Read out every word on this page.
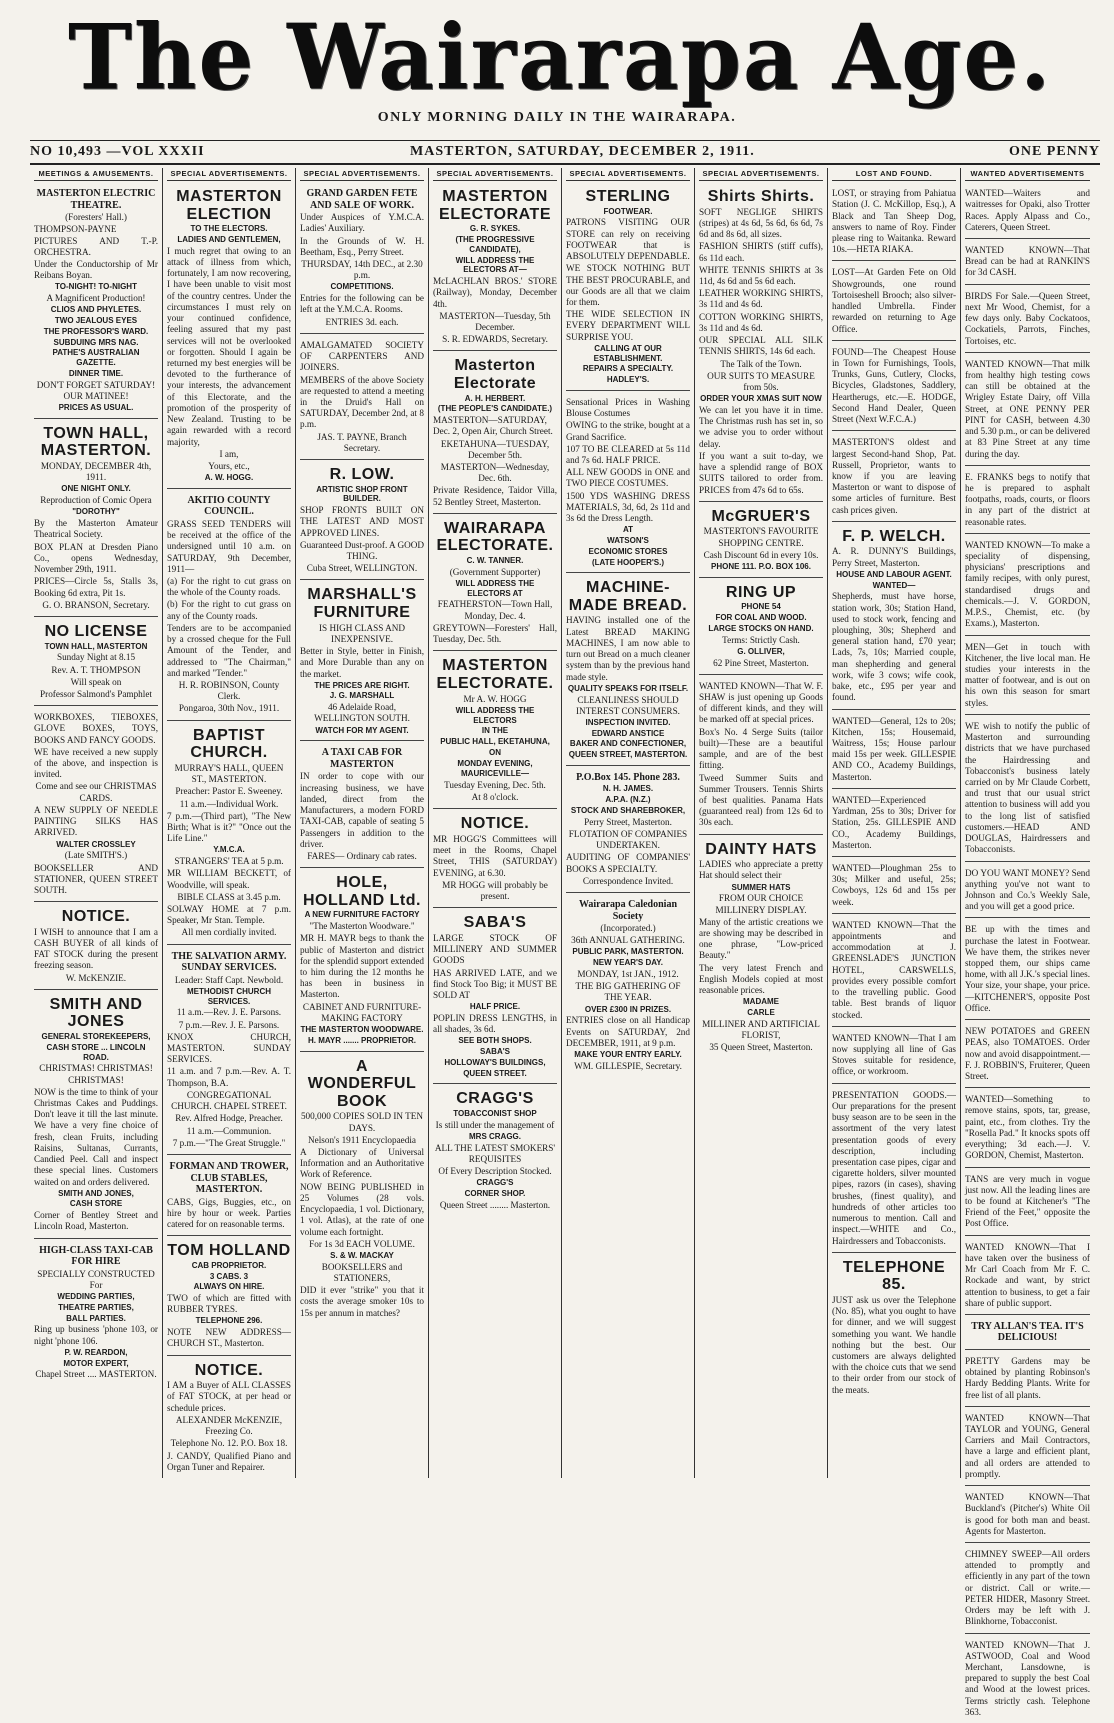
The Wairarapa Age.
ONLY MORNING DAILY IN THE WAIRARAPA.
NO 10,493 —VOL XXXII	MASTERTON, SATURDAY, DECEMBER 2, 1911.	ONE PENNY
MEETINGS & AMUSEMENTS.

MASTERTON ELECTRIC THEATRE.

(Foresters' Hall.)

THOMPSON-PAYNE PICTURES AND T.-P. ORCHESTRA.

Under the Conductorship of Mr Reibans Boyan.

TO-NIGHT! TO-NIGHT

A Magnificent Production!

CLIOS AND PHYLETES.

TWO JEALOUS EYES

THE PROFESSOR'S WARD.

SUBDUING MRS NAG.

PATHE'S AUSTRALIAN GAZETTE.

DINNER TIME.

DON'T FORGET SATURDAY! OUR MATINEE!

PRICES AS USUAL.

TOWN HALL, MASTERTON.

MONDAY, DECEMBER 4th, 1911.

ONE NIGHT ONLY.

Reproduction of Comic Opera

"DOROTHY"

By the Masterton Amateur Theatrical Society.

BOX PLAN at Dresden Piano Co., opens Wednesday, November 29th, 1911.

PRICES—Circle 5s, Stalls 3s, Booking 6d extra, Pit 1s.

G. O. BRANSON, Secretary.

NO LICENSE

TOWN HALL, MASTERTON

Sunday Night at 8.15

Rev. A. T. THOMPSON

Will speak on

Professor Salmond's Pamphlet

WORKBOXES, TIEBOXES, GLOVE BOXES, TOYS, BOOKS AND FANCY GOODS.

WE have received a new supply of the above, and inspection is invited.

Come and see our CHRISTMAS CARDS.

A NEW SUPPLY OF NEEDLE PAINTING SILKS HAS ARRIVED.

WALTER CROSSLEY

(Late SMITH'S.)

BOOKSELLER AND STATIONER, QUEEN STREET SOUTH.

NOTICE.

I WISH to announce that I am a CASH BUYER of all kinds of FAT STOCK during the present freezing season.

W. McKENZIE.

SMITH AND JONES

GENERAL STOREKEEPERS,

CASH STORE ... LINCOLN ROAD.

CHRISTMAS! CHRISTMAS! CHRISTMAS!

NOW is the time to think of your Christmas Cakes and Puddings. Don't leave it till the last minute. We have a very fine choice of fresh, clean Fruits, including Raisins, Sultanas, Currants, Candied Peel. Call and inspect these special lines. Customers waited on and orders delivered.

SMITH AND JONES,

CASH STORE

Corner of Bentley Street and Lincoln Road, Masterton.

HIGH-CLASS TAXI-CAB FOR HIRE

SPECIALLY CONSTRUCTED For

WEDDING PARTIES,

THEATRE PARTIES,

BALL PARTIES.

Ring up business 'phone 103, or night 'phone 106.

P. W. REARDON,

MOTOR EXPERT,

Chapel Street .... MASTERTON.

SPECIAL ADVERTISEMENTS.

MASTERTON ELECTION

TO THE ELECTORS.

LADIES AND GENTLEMEN,

I much regret that owing to an attack of illness from which, fortunately, I am now recovering, I have been unable to visit most of the country centres. Under the circumstances I must rely on your continued confidence, feeling assured that my past services will not be overlooked or forgotten. Should I again be returned my best energies will be devoted to the furtherance of your interests, the advancement of this Electorate, and the promotion of the prosperity of New Zealand. Trusting to be again rewarded with a record majority,

I am,

Yours, etc.,

A. W. HOGG.

AKITIO COUNTY COUNCIL.

GRASS SEED TENDERS will be received at the office of the undersigned until 10 a.m. on SATURDAY, 9th December, 1911—

(a) For the right to cut grass on the whole of the County roads.

(b) For the right to cut grass on any of the County roads.

Tenders are to be accompanied by a crossed cheque for the Full Amount of the Tender, and addressed to "The Chairman," and marked "Tender."

H. R. ROBINSON, County Clerk.

Pongaroa, 30th Nov., 1911.

BAPTIST CHURCH.

MURRAY'S HALL, QUEEN ST., MASTERTON.

Preacher: Pastor E. Sweeney.

11 a.m.—Individual Work.

7 p.m.—(Third part), "The New Birth; What is it?" "Once out the Life Line."

Y.M.C.A.

STRANGERS' TEA at 5 p.m.

MR WILLIAM BECKETT, of Woodville, will speak.

BIBLE CLASS at 3.45 p.m.

SOLWAY HOME at 7 p.m. Speaker, Mr Stan. Temple.

All men cordially invited.

THE SALVATION ARMY. SUNDAY SERVICES.

Leader: Staff Capt. Newbold.

METHODIST CHURCH SERVICES.

11 a.m.—Rev. J. E. Parsons.

7 p.m.—Rev. J. E. Parsons.

KNOX CHURCH, MASTERTON. SUNDAY SERVICES.

11 a.m. and 7 p.m.—Rev. A. T. Thompson, B.A.

CONGREGATIONAL CHURCH. CHAPEL STREET.

Rev. Alfred Hodge, Preacher.

11 a.m.—Communion.

7 p.m.—"The Great Struggle."

FORMAN AND TROWER, CLUB STABLES, MASTERTON.

CABS, Gigs, Buggies, etc., on hire by hour or week. Parties catered for on reasonable terms.

TOM HOLLAND

CAB PROPRIETOR.

3 CABS. 3

ALWAYS ON HIRE.

TWO of which are fitted with RUBBER TYRES.

TELEPHONE 296.

NOTE NEW ADDRESS— CHURCH ST., Masterton.

NOTICE.

I AM a Buyer of ALL CLASSES of FAT STOCK, at per head or schedule prices.

ALEXANDER McKENZIE, Freezing Co.

Telephone No. 12. P.O. Box 18.

J. CANDY, Qualified Piano and Organ Tuner and Repairer.

SPECIAL ADVERTISEMENTS.

GRAND GARDEN FETE AND SALE OF WORK.

Under Auspices of Y.M.C.A. Ladies' Auxiliary.

In the Grounds of W. H. Beetham, Esq., Perry Street.

THURSDAY, 14th DEC., at 2.30 p.m.

COMPETITIONS.

Entries for the following can be left at the Y.M.C.A. Rooms.

ENTRIES 3d. each.

AMALGAMATED SOCIETY OF CARPENTERS AND JOINERS.

MEMBERS of the above Society are requested to attend a meeting in the Druid's Hall on SATURDAY, December 2nd, at 8 p.m.

JAS. T. PAYNE, Branch Secretary.

R. LOW.

ARTISTIC SHOP FRONT BUILDER.

SHOP FRONTS BUILT ON THE LATEST AND MOST APPROVED LINES.

Guaranteed Dust-proof. A GOOD THING.

Cuba Street, WELLINGTON.

MARSHALL'S FURNITURE

IS HIGH CLASS AND INEXPENSIVE.

Better in Style, better in Finish, and More Durable than any on the market.

THE PRICES ARE RIGHT.

J. G. MARSHALL

46 Adelaide Road, WELLINGTON SOUTH.

WATCH FOR MY AGENT.

A TAXI CAB FOR MASTERTON

IN order to cope with our increasing business, we have landed, direct from the Manufacturers, a modern FORD TAXI-CAB, capable of seating 5 Passengers in addition to the driver.

FARES— Ordinary cab rates.

HOLE, HOLLAND Ltd.

A NEW FURNITURE FACTORY

"The Masterton Woodware."

MR H. MAYR begs to thank the public of Masterton and district for the splendid support extended to him during the 12 months he has been in business in Masterton.

CABINET AND FURNITURE-MAKING FACTORY

THE MASTERTON WOODWARE.

H. MAYR ....... PROPRIETOR.

A WONDERFUL BOOK

500,000 COPIES SOLD IN TEN DAYS.

Nelson's 1911 Encyclopaedia

A Dictionary of Universal Information and an Authoritative Work of Reference.

NOW BEING PUBLISHED in 25 Volumes (28 vols. Encyclopaedia, 1 vol. Dictionary, 1 vol. Atlas), at the rate of one volume each fortnight.

For 1s 3d EACH VOLUME.

S. & W. MACKAY

BOOKSELLERS and STATIONERS,

DID it ever "strike" you that it costs the average smoker 10s to 15s per annum in matches?

SPECIAL ADVERTISEMENTS.

MASTERTON ELECTORATE

G. R. SYKES.

(THE PROGRESSIVE CANDIDATE),

WILL ADDRESS THE ELECTORS AT—

McLACHLAN BROS.' STORE (Railway), Monday, December 4th.

MASTERTON—Tuesday, 5th December.

S. R. EDWARDS, Secretary.

Masterton Electorate

A. H. HERBERT.

(THE PEOPLE'S CANDIDATE.)

MASTERTON—SATURDAY, Dec. 2, Open Air, Church Street.

EKETAHUNA—TUESDAY, December 5th.

MASTERTON—Wednesday, Dec. 6th.

Private Residence, Taidor Villa, 52 Bentley Street, Masterton.

WAIRARAPA ELECTORATE.

C. W. TANNER.

(Government Supporter)

WILL ADDRESS THE ELECTORS AT

FEATHERSTON—Town Hall, Monday, Dec. 4.

GREYTOWN—Foresters' Hall, Tuesday, Dec. 5th.

MASTERTON ELECTORATE.

Mr A. W. HOGG

WILL ADDRESS THE ELECTORS

IN THE

PUBLIC HALL, EKETAHUNA,

ON

MONDAY EVENING,

MAURICEVILLE—

Tuesday Evening, Dec. 5th.

At 8 o'clock.

NOTICE.

MR HOGG'S Committees will meet in the Rooms, Chapel Street, THIS (SATURDAY) EVENING, at 6.30.

MR HOGG will probably be present.

SABA'S

LARGE STOCK OF MILLINERY AND SUMMER GOODS

HAS ARRIVED LATE, and we find Stock Too Big; it MUST BE SOLD AT

HALF PRICE.

POPLIN DRESS LENGTHS, in all shades, 3s 6d.

SEE BOTH SHOPS.

SABA'S

HOLLOWAY'S BUILDINGS,

QUEEN STREET.

CRAGG'S

TOBACCONIST SHOP

Is still under the management of

MRS CRAGG.

ALL THE LATEST SMOKERS' REQUISITES

Of Every Description Stocked.

CRAGG'S

CORNER SHOP.

Queen Street ........ Masterton.

SPECIAL ADVERTISEMENTS.

STERLING

FOOTWEAR.

PATRONS VISITING OUR STORE can rely on receiving FOOTWEAR that is ABSOLUTELY DEPENDABLE.

WE STOCK NOTHING BUT THE BEST PROCURABLE, and our Goods are all that we claim for them.

THE WIDE SELECTION IN EVERY DEPARTMENT WILL SURPRISE YOU.

CALLING AT OUR ESTABLISHMENT.

REPAIRS A SPECIALTY.

HADLEY'S.

Sensational Prices in Washing Blouse Costumes

OWING to the strike, bought at a Grand Sacrifice.

107 TO BE CLEARED at 5s 11d and 7s 6d. HALF PRICE.

ALL NEW GOODS in ONE and TWO PIECE COSTUMES.

1500 YDS WASHING DRESS MATERIALS, 3d, 6d, 2s 11d and 3s 6d the Dress Length.

AT

WATSON'S

ECONOMIC STORES

(LATE HOOPER'S.)

MACHINE-MADE BREAD.

HAVING installed one of the Latest BREAD MAKING MACHINES, I am now able to turn out Bread on a much cleaner system than by the previous hand made style.

QUALITY SPEAKS FOR ITSELF.

CLEANLINESS SHOULD INTEREST CONSUMERS.

INSPECTION INVITED.

EDWARD ANSTICE

BAKER AND CONFECTIONER,

QUEEN STREET, MASTERTON.

P.O.Box 145. Phone 283.

N. H. JAMES.

A.P.A. (N.Z.)

STOCK AND SHAREBROKER,

Perry Street, Masterton.

FLOTATION OF COMPANIES UNDERTAKEN.

AUDITING OF COMPANIES' BOOKS A SPECIALTY.

Correspondence Invited.

Wairarapa Caledonian Society

(Incorporated.)

36th ANNUAL GATHERING.

PUBLIC PARK, MASTERTON.

NEW YEAR'S DAY.

MONDAY, 1st JAN., 1912.

THE BIG GATHERING OF THE YEAR.

OVER £300 IN PRIZES.

ENTRIES close on all Handicap Events on SATURDAY, 2nd DECEMBER, 1911, at 9 p.m.

MAKE YOUR ENTRY EARLY.

WM. GILLESPIE, Secretary.

SPECIAL ADVERTISEMENTS.

Shirts Shirts.

SOFT NEGLIGE SHIRTS (stripes) at 4s 6d, 5s 6d, 6s 6d, 7s 6d and 8s 6d, all sizes.

FASHION SHIRTS (stiff cuffs), 6s 11d each.

WHITE TENNIS SHIRTS at 3s 11d, 4s 6d and 5s 6d each.

LEATHER WORKING SHIRTS, 3s 11d and 4s 6d.

COTTON WORKING SHIRTS, 3s 11d and 4s 6d.

OUR SPECIAL ALL SILK TENNIS SHIRTS, 14s 6d each.

The Talk of the Town.

OUR SUITS TO MEASURE from 50s.

ORDER YOUR XMAS SUIT NOW

We can let you have it in time. The Christmas rush has set in, so we advise you to order without delay.

If you want a suit to-day, we have a splendid range of BOX SUITS tailored to order from. PRICES from 47s 6d to 65s.

McGRUER'S

MASTERTON'S FAVOURITE SHOPPING CENTRE.

Cash Discount 6d in every 10s.

PHONE 111. P.O. BOX 106.

RING UP

PHONE 54

FOR COAL AND WOOD.

LARGE STOCKS ON HAND.

Terms: Strictly Cash.

G. OLLIVER,

62 Pine Street, Masterton.

WANTED KNOWN—That W. F. SHAW is just opening up Goods of different kinds, and they will be marked off at special prices.

Box's No. 4 Serge Suits (tailor built)—These are a beautiful sample, and are of the best fitting.

Tweed Summer Suits and Summer Trousers. Tennis Shirts of best qualities. Panama Hats (guaranteed real) from 12s 6d to 30s each.

DAINTY HATS

LADIES who appreciate a pretty Hat should select their

SUMMER HATS

FROM OUR CHOICE MILLINERY DISPLAY.

Many of the artistic creations we are showing may be described in one phrase, "Low-priced Beauty."

The very latest French and English Models copied at most reasonable prices.

MADAME

CARLE

MILLINER AND ARTIFICIAL FLORIST,

35 Queen Street, Masterton.

LOST AND FOUND.

LOST, or straying from Pahiatua Station (J. C. McKillop, Esq.), A Black and Tan Sheep Dog, answers to name of Roy. Finder please ring to Waitanka. Reward 10s.—HETA RIAKA.

LOST—At Garden Fete on Old Showgrounds, one round Tortoiseshell Brooch; also silver-handled Umbrella. Finder rewarded on returning to Age Office.

FOUND—The Cheapest House in Town for Furnishings, Tools, Trunks, Guns, Cutlery, Clocks, Bicycles, Gladstones, Saddlery, Heartherugs, etc.—E. HODGE, Second Hand Dealer, Queen Street (Next W.F.C.A.)

MASTERTON'S oldest and largest Second-hand Shop, Pat. Russell, Proprietor, wants to know if you are leaving Masterton or want to dispose of some articles of furniture. Best cash prices given.

F. P. WELCH.

A. R. DUNNY'S Buildings, Perry Street, Masterton.

HOUSE AND LABOUR AGENT.

WANTED—

Shepherds, must have horse, station work, 30s; Station Hand, used to stock work, fencing and ploughing, 30s; Shepherd and general station hand, £70 year; Lads, 7s, 10s; Married couple, man shepherding and general work, wife 3 cows; wife cook, bake, etc., £95 per year and found.

WANTED—General, 12s to 20s; Kitchen, 15s; Housemaid, Waitress, 15s; House parlour maid 15s per week. GILLESPIE AND CO., Academy Buildings, Masterton.

WANTED—Experienced Yardman, 25s to 30s; Driver for Station, 25s. GILLESPIE AND CO., Academy Buildings, Masterton.

WANTED—Ploughman 25s to 30s; Milker and useful, 25s; Cowboys, 12s 6d and 15s per week.

WANTED KNOWN—That the appointments and accommodation at J. GREENSLADE'S JUNCTION HOTEL, CARSWELLS, provides every possible comfort to the travelling public. Good table. Best brands of liquor stocked.

WANTED KNOWN—That I am now supplying all line of Gas Stoves suitable for residence, office, or workroom.

PRESENTATION GOODS.—Our preparations for the present busy season are to be seen in the assortment of the very latest presentation goods of every description, including presentation case pipes, cigar and cigarette holders, silver mounted pipes, razors (in cases), shaving brushes, (finest quality), and hundreds of other articles too numerous to mention. Call and inspect.—WHITE and Co., Hairdressers and Tobacconists.

TELEPHONE 85.

JUST ask us over the Telephone (No. 85), what you ought to have for dinner, and we will suggest something you want. We handle nothing but the best. Our customers are always delighted with the choice cuts that we send to their order from our stock of the meats.

WANTED ADVERTISEMENTS

WANTED—Waiters and waitresses for Opaki, also Trotter Races. Apply Alpass and Co., Caterers, Queen Street.

WANTED KNOWN—That Bread can be had at RANKIN'S for 3d CASH.

BIRDS For Sale.—Queen Street, next Mr Wood, Chemist, for a few days only. Baby Cockatoos, Cockatiels, Parrots, Finches, Tortoises, etc.

WANTED KNOWN—That milk from healthy high testing cows can still be obtained at the Wrigley Estate Dairy, off Villa Street, at ONE PENNY PER PINT for CASH, between 4.30 and 5.30 p.m., or can be delivered at 83 Pine Street at any time during the day.

E. FRANKS begs to notify that he is prepared to asphalt footpaths, roads, courts, or floors in any part of the district at reasonable rates.

WANTED KNOWN—To make a speciality of dispensing, physicians' prescriptions and family recipes, with only purest, standardised drugs and chemicals.—J. V. GORDON, M.P.S., Chemist, etc. (by Exams.), Masterton.

MEN—Get in touch with Kitchener, the live local man. He studies your interests in the matter of footwear, and is out on his own this season for smart styles.

WE wish to notify the public of Masterton and surrounding districts that we have purchased the Hairdressing and Tobacconist's business lately carried on by Mr Claude Corbett, and trust that our usual strict attention to business will add you to the long list of satisfied customers.—HEAD AND DOUGLAS, Hairdressers and Tobacconists.

DO YOU WANT MONEY? Send anything you've not want to Johnson and Co.'s Weekly Sale, and you will get a good price.

BE up with the times and purchase the latest in Footwear. We have them, the strikes never stopped them, our ships came home, with all J.K.'s special lines. Your size, your shape, your price.—KITCHENER'S, opposite Post Office.

NEW POTATOES and GREEN PEAS, also TOMATOES. Order now and avoid disappointment.—F. J. ROBBIN'S, Fruiterer, Queen Street.

WANTED—Something to remove stains, spots, tar, grease, paint, etc., from clothes. Try the "Rosella Pad." It knocks spots off everything; 3d each.—J. V. GORDON, Chemist, Masterton.

TANS are very much in vogue just now. All the leading lines are to be found at Kitchener's "The Friend of the Feet," opposite the Post Office.

WANTED KNOWN—That I have taken over the business of Mr Carl Coach from Mr F. C. Rockade and want, by strict attention to business, to get a fair share of public support.

TRY ALLAN'S TEA. IT'S DELICIOUS!

PRETTY Gardens may be obtained by planting Robinson's Hardy Bedding Plants. Write for free list of all plants.

WANTED KNOWN—That TAYLOR and YOUNG, General Carriers and Mail Contractors, have a large and efficient plant, and all orders are attended to promptly.

WANTED KNOWN—That Buckland's (Pitcher's) White Oil is good for both man and beast. Agents for Masterton.

CHIMNEY SWEEP—All orders attended to promptly and efficiently in any part of the town or district. Call or write.—PETER HIDER, Masonry Street. Orders may be left with J. Blinkhorne, Tobacconist.

WANTED KNOWN—That J. ASTWOOD, Coal and Wood Merchant, Lansdowne, is prepared to supply the best Coal and Wood at the lowest prices. Terms strictly cash. Telephone 363.
